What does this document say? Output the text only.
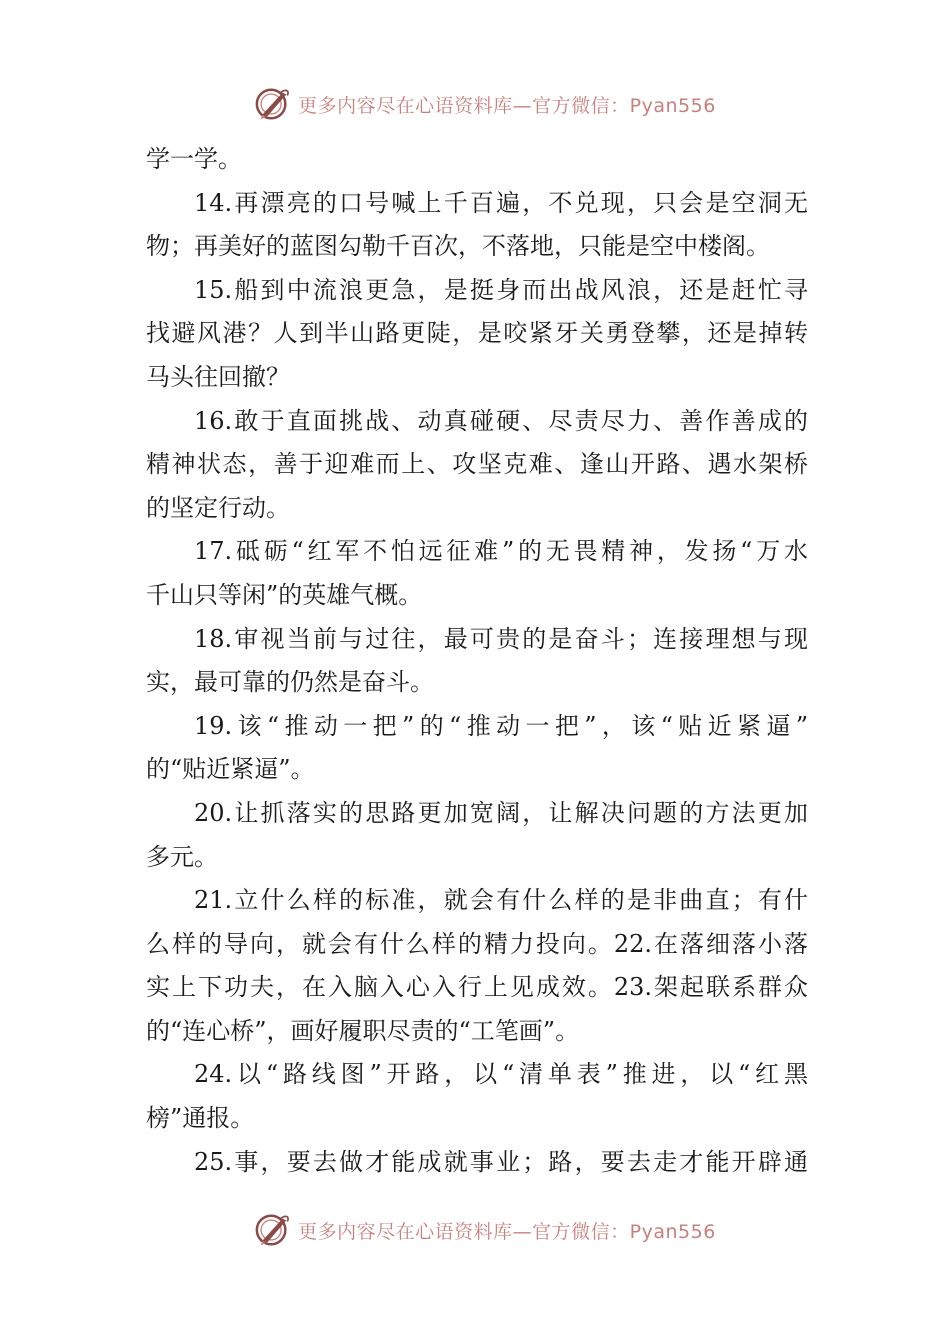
更多内容尽在心语资料库—官方微信：Pyan556
学一学。
14.再漂亮的口号喊上千百遍，不兑现，只会是空洞无
物；再美好的蓝图勾勒千百次，不落地，只能是空中楼阁。
15.船到中流浪更急，是挺身而出战风浪，还是赶忙寻
找避风港？人到半山路更陡，是咬紧牙关勇登攀，还是掉转
马头往回撤？
16.敢于直面挑战、动真碰硬、尽责尽力、善作善成的
精神状态，善于迎难而上、攻坚克难、逢山开路、遇水架桥
的坚定行动。
17.砥砺“红军不怕远征难”的无畏精神，发扬“万水
千山只等闲”的英雄气概。
18.审视当前与过往，最可贵的是奋斗；连接理想与现
实，最可靠的仍然是奋斗。
19.该“推动一把”的“推动一把”，该“贴近紧逼”
的“贴近紧逼”。
20.让抓落实的思路更加宽阔，让解决问题的方法更加
多元。
21.立什么样的标准，就会有什么样的是非曲直；有什
么样的导向，就会有什么样的精力投向。22.在落细落小落
实上下功夫，在入脑入心入行上见成效。23.架起联系群众
的“连心桥”，画好履职尽责的“工笔画”。
24.以“路线图”开路，以“清单表”推进，以“红黑
榜”通报。
25.事，要去做才能成就事业；路，要去走才能开辟通
更多内容尽在心语资料库—官方微信：Pyan556
